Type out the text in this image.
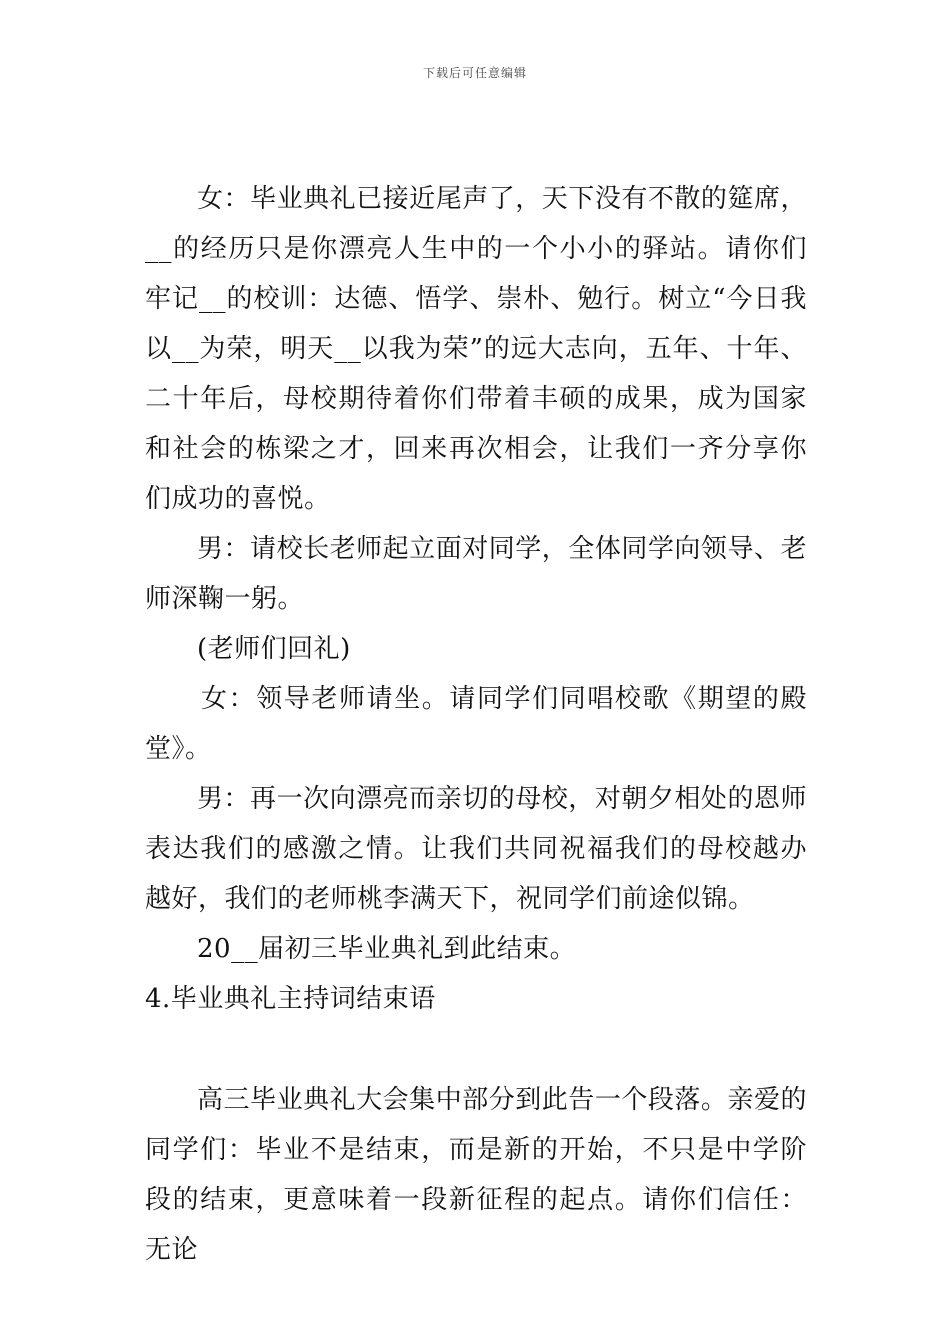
下载后可任意编辑

女：毕业典礼已接近尾声了，天下没有不散的筵席，__的经历只是你漂亮人生中的一个小小的驿站。请你们牢记__的校训：达德、悟学、崇朴、勉行。树立“今日我以__为荣，明天__以我为荣”的远大志向，五年、十年、二十年后，母校期待着你们带着丰硕的成果，成为国家和社会的栋梁之才，回来再次相会，让我们一齐分享你们成功的喜悦。

男：请校长老师起立面对同学，全体同学向领导、老师深鞠一躬。

(老师们回礼)

女：领导老师请坐。请同学们同唱校歌《期望的殿堂》。

男：再一次向漂亮而亲切的母校，对朝夕相处的恩师表达我们的感激之情。让我们共同祝福我们的母校越办越好，我们的老师桃李满天下，祝同学们前途似锦。

20__届初三毕业典礼到此结束。

4.毕业典礼主持词结束语

高三毕业典礼大会集中部分到此告一个段落。亲爱的同学们：毕业不是结束，而是新的开始，不只是中学阶段的结束，更意味着一段新征程的起点。请你们信任：无论
